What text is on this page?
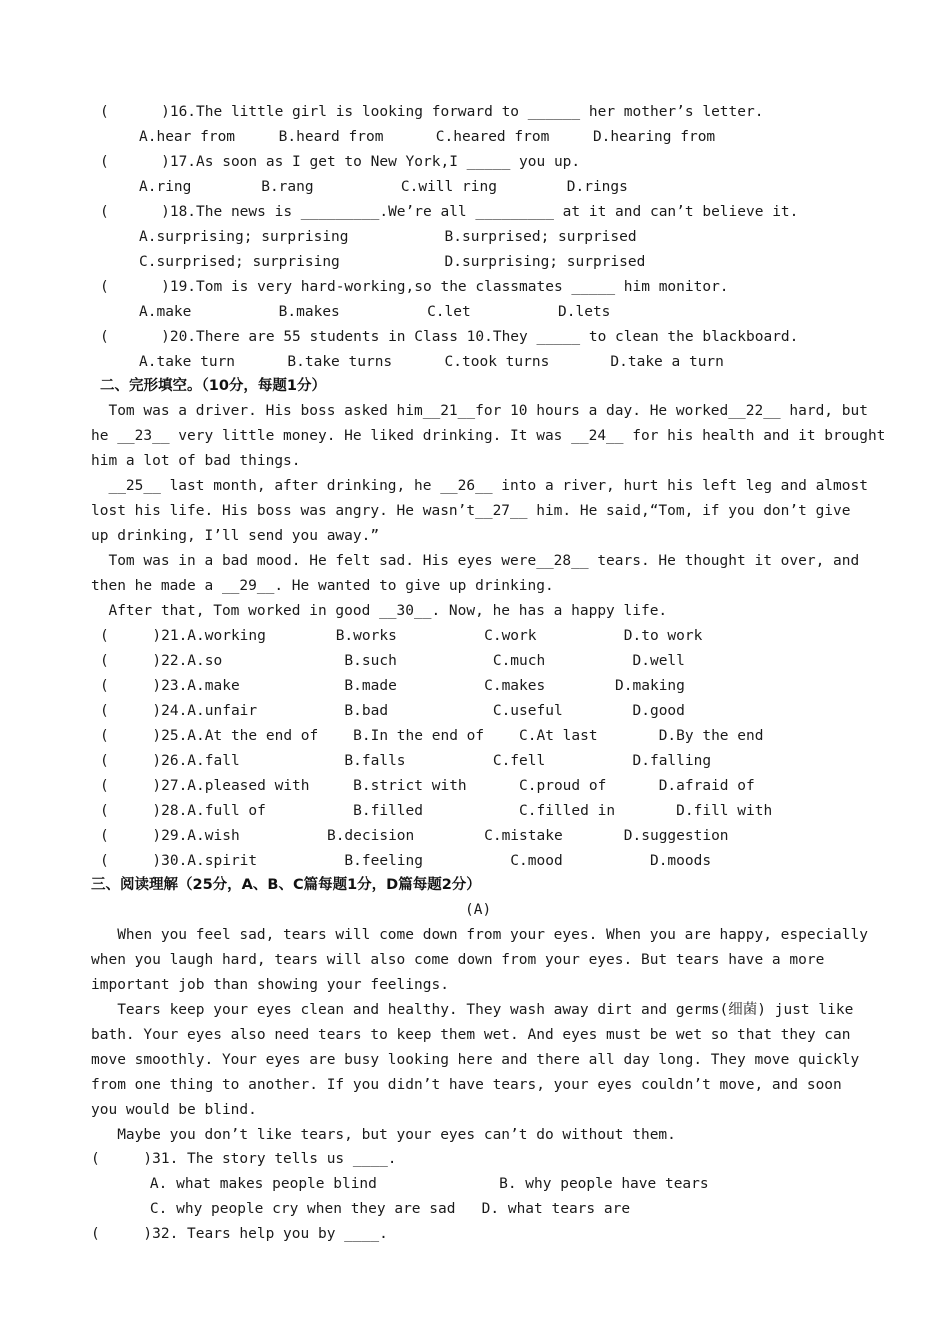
(      )16.The little girl is looking forward to ______ her mother’s letter.
A.hear from     B.heard from      C.heared from     D.hearing from
(      )17.As soon as I get to New York,I _____ you up.
A.ring        B.rang          C.will ring        D.rings
(      )18.The news is _________.We’re all _________ at it and can’t believe it.
A.surprising; surprising           B.surprised; surprised
C.surprised; surprising            D.surprising; surprised
(      )19.Tom is very hard-working,so the classmates _____ him monitor.
A.make          B.makes          C.let          D.lets
(      )20.There are 55 students in Class 10.They _____ to clean the blackboard.
A.take turn      B.take turns      C.took turns       D.take a turn
二、完形填空。（10分，每题1分）
Tom was a driver. His boss asked him__21__for 10 hours a day. He worked__22__ hard, but
he __23__ very little money. He liked drinking. It was __24__ for his health and it brought
him a lot of bad things.
__25__ last month, after drinking, he __26__ into a river, hurt his left leg and almost
lost his life. His boss was angry. He wasn’t__27__ him. He said,“Tom, if you don’t give
up drinking, I’ll send you away.”
Tom was in a bad mood. He felt sad. His eyes were__28__ tears. He thought it over, and
then he made a __29__. He wanted to give up drinking.
After that, Tom worked in good __30__. Now, he has a happy life.
(     )21.A.working        B.works          C.work          D.to work
(     )22.A.so              B.such           C.much          D.well
(     )23.A.make            B.made          C.makes        D.making
(     )24.A.unfair          B.bad            C.useful        D.good
(     )25.A.At the end of    B.In the end of    C.At last       D.By the end
(     )26.A.fall            B.falls          C.fell          D.falling
(     )27.A.pleased with     B.strict with      C.proud of      D.afraid of
(     )28.A.full of          B.filled           C.filled in       D.fill with
(     )29.A.wish          B.decision        C.mistake       D.suggestion
(     )30.A.spirit          B.feeling          C.mood          D.moods
三、阅读理解（25分，A、B、C篇每题1分，D篇每题2分）
(A)
When you feel sad, tears will come down from your eyes. When you are happy, especially
when you laugh hard, tears will also come down from your eyes. But tears have a more
important job than showing your feelings.
Tears keep your eyes clean and healthy. They wash away dirt and germs(细菌) just like
bath. Your eyes also need tears to keep them wet. And eyes must be wet so that they can
move smoothly. Your eyes are busy looking here and there all day long. They move quickly
from one thing to another. If you didn’t have tears, your eyes couldn’t move, and soon
you would be blind.
Maybe you don’t like tears, but your eyes can’t do without them.
(     )31. The story tells us ____.
A. what makes people blind              B. why people have tears
C. why people cry when they are sad   D. what tears are
(     )32. Tears help you by ____.
